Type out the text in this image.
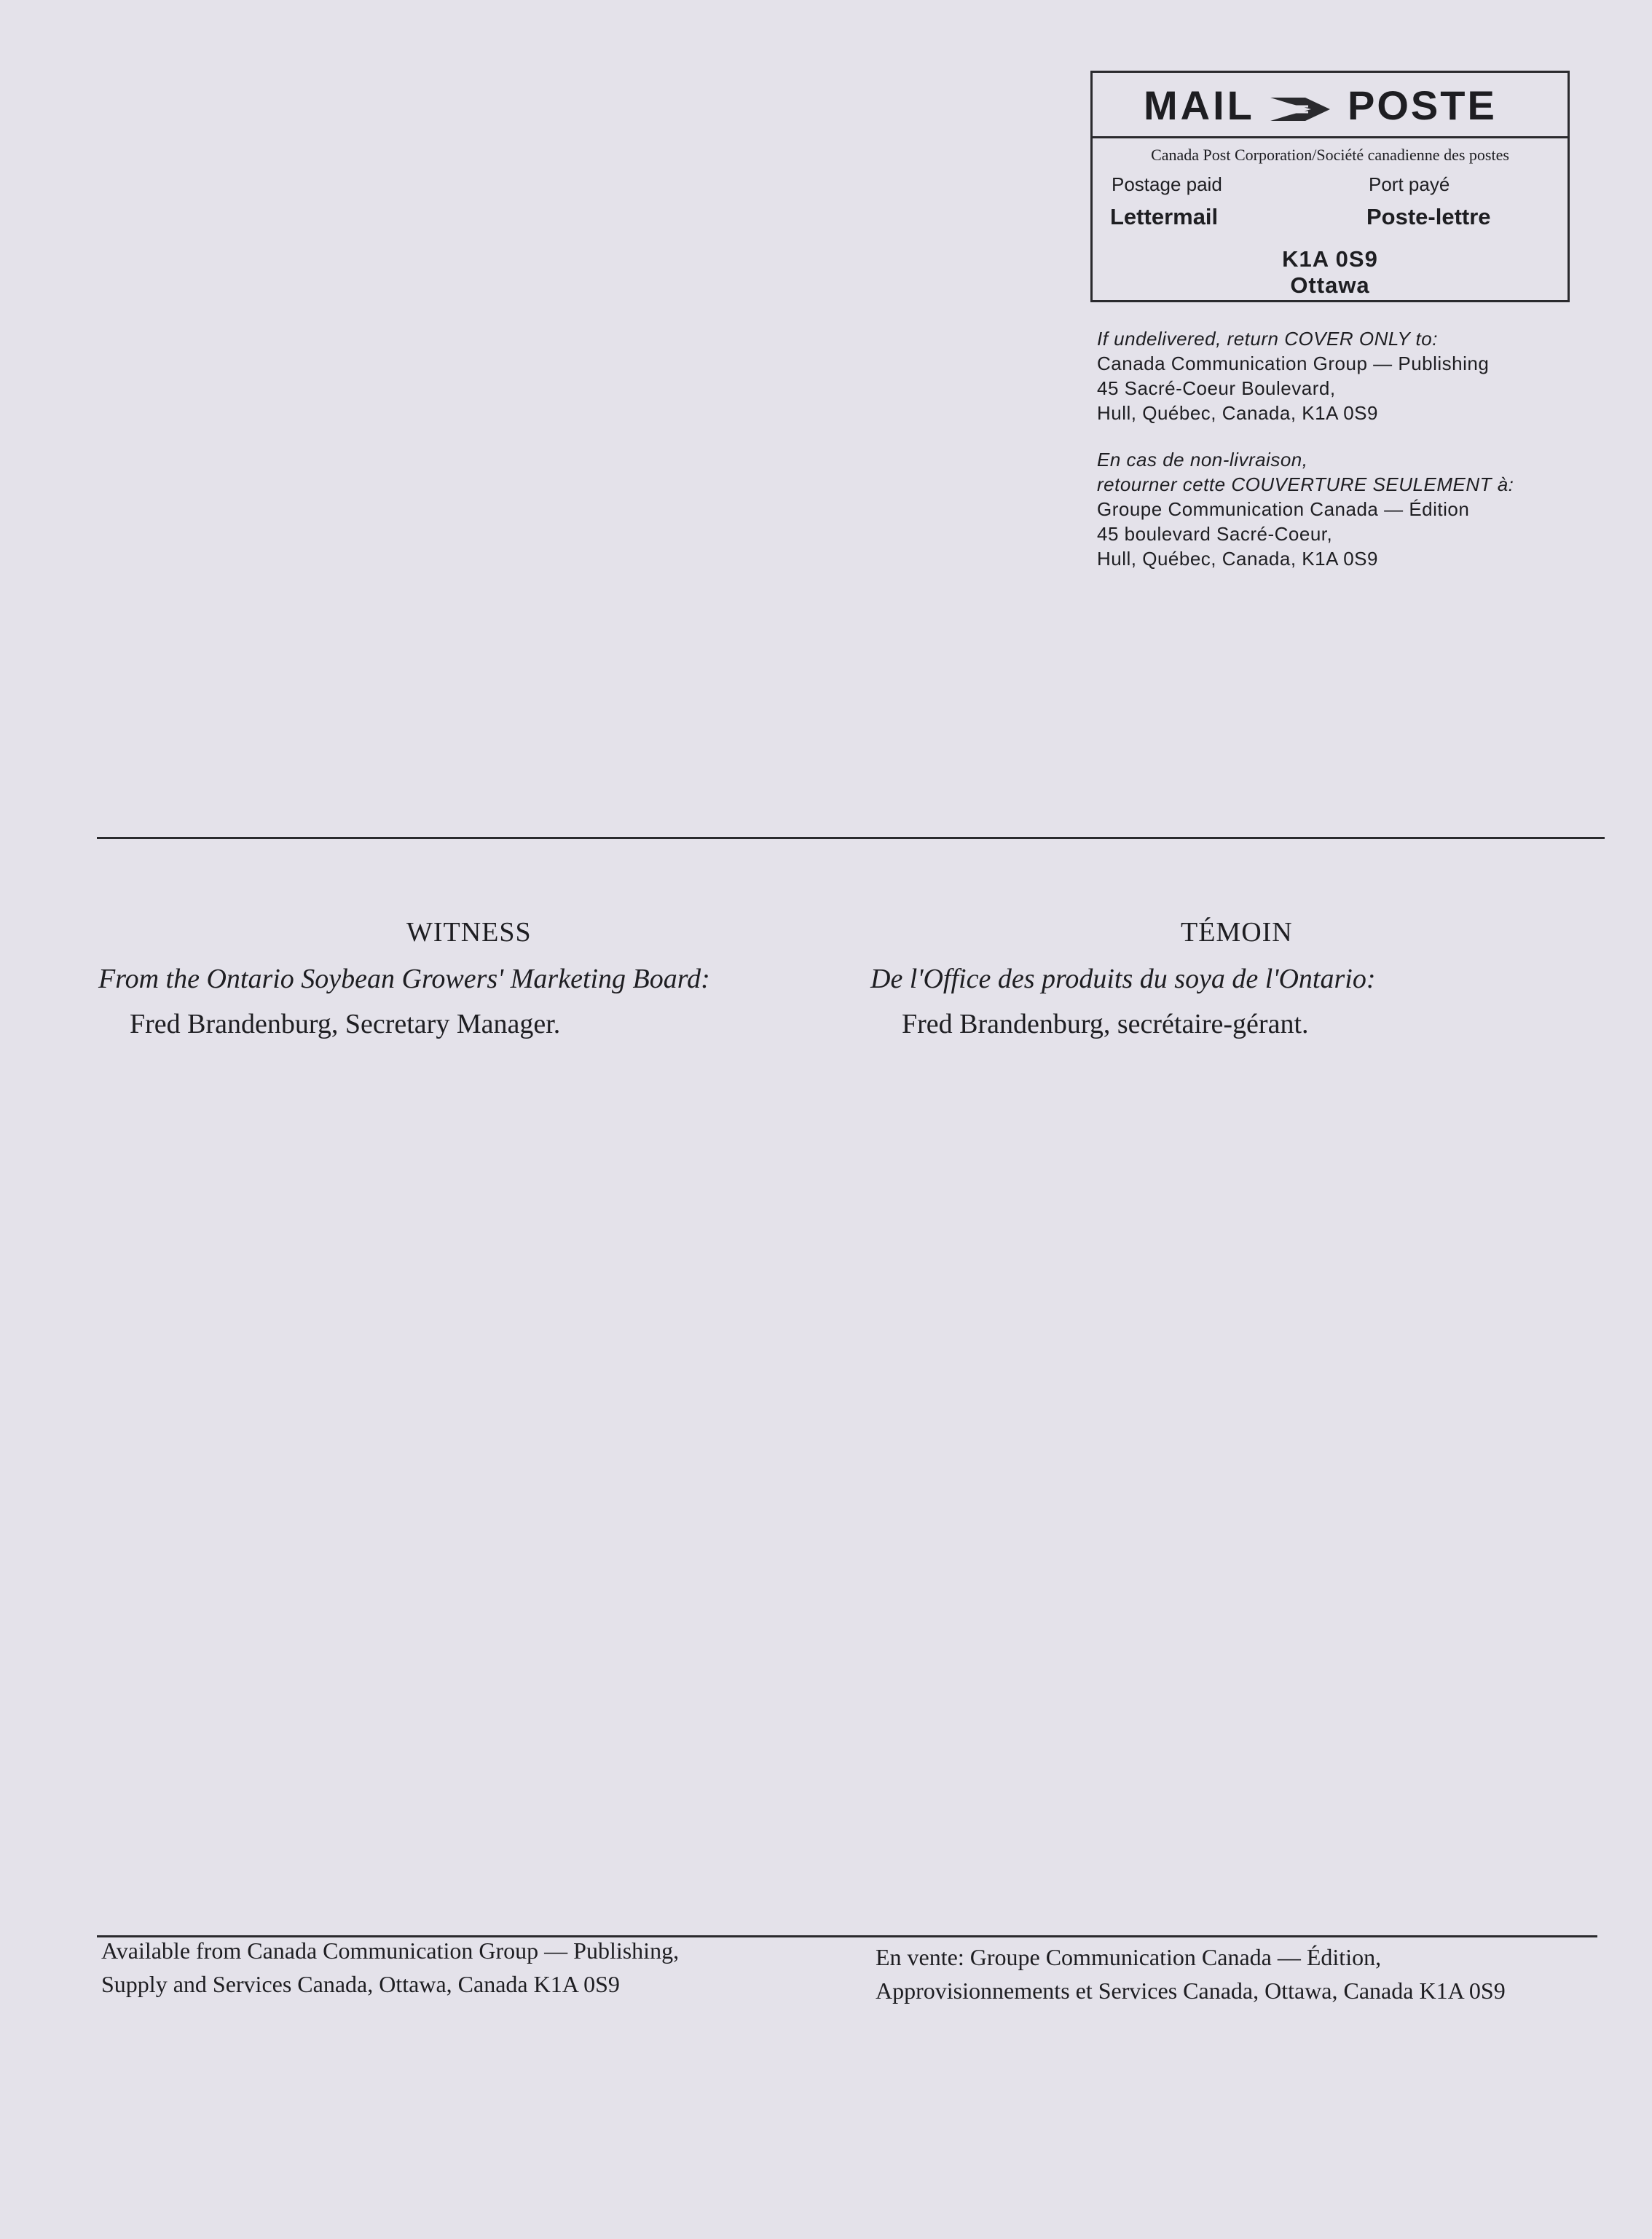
MAIL POSTE
Canada Post Corporation/Société canadienne des postes
Postage paid	Port payé
Lettermail	Poste-lettre
K1A 0S9
Ottawa
If undelivered, return COVER ONLY to:
Canada Communication Group — Publishing
45 Sacré-Coeur Boulevard,
Hull, Québec, Canada, K1A 0S9
En cas de non-livraison,
retourner cette COUVERTURE SEULEMENT à:
Groupe Communication Canada — Édition
45 boulevard Sacré-Coeur,
Hull, Québec, Canada, K1A 0S9
WITNESS	TÉMOIN
From the Ontario Soybean Growers' Marketing Board:	De l'Office des produits du soya de l'Ontario:
Fred Brandenburg, Secretary Manager.	Fred Brandenburg, secrétaire-gérant.
Available from Canada Communication Group — Publishing,
Supply and Services Canada, Ottawa, Canada K1A 0S9
En vente: Groupe Communication Canada — Édition,
Approvisionnements et Services Canada, Ottawa, Canada K1A 0S9
